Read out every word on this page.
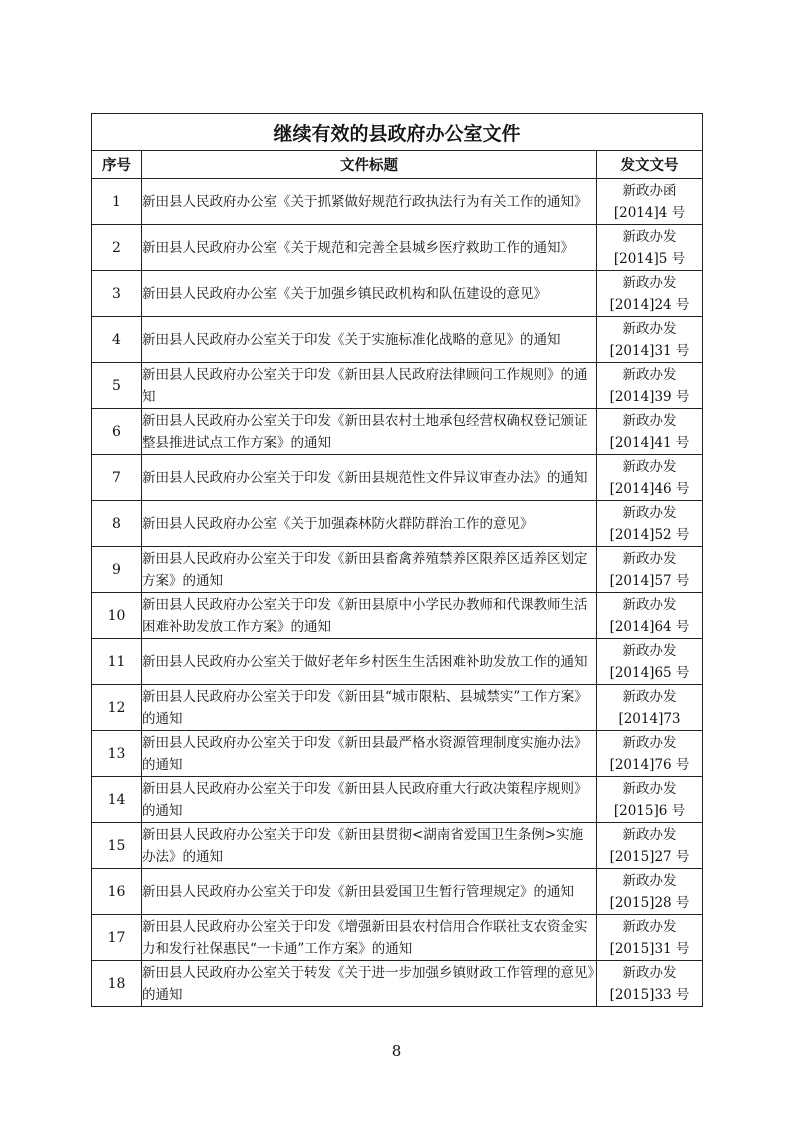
继续有效的县政府办公室文件		
序号	文件标题	发文文号
1	新田县人民政府办公室《关于抓紧做好规范行政执法行为有关工作的通知》	新政办函
[2014]4 号

2	新田县人民政府办公室《关于规范和完善全县城乡医疗救助工作的通知》	新政办发
[2014]5 号

3	新田县人民政府办公室《关于加强乡镇民政机构和队伍建设的意见》	新政办发
[2014]24 号

4	新田县人民政府办公室关于印发《关于实施标准化战略的意见》的通知	新政办发
[2014]31 号

5	新田县人民政府办公室关于印发《新田县人民政府法律顾问工作规则》的通知	新政办发
[2014]39 号

6	新田县人民政府办公室关于印发《新田县农村土地承包经营权确权登记颁证整县推进试点工作方案》的通知	新政办发
[2014]41 号

7	新田县人民政府办公室关于印发《新田县规范性文件异议审查办法》的通知	新政办发
[2014]46 号

8	新田县人民政府办公室《关于加强森林防火群防群治工作的意见》	新政办发
[2014]52 号

9	新田县人民政府办公室关于印发《新田县畜禽养殖禁养区限养区适养区划定方案》的通知	新政办发
[2014]57 号

10	新田县人民政府办公室关于印发《新田县原中小学民办教师和代课教师生活困难补助发放工作方案》的通知	新政办发
[2014]64 号

11	新田县人民政府办公室关于做好老年乡村医生生活困难补助发放工作的通知	新政办发
[2014]65 号

12	新田县人民政府办公室关于印发《新田县“城市限粘、县城禁实”工作方案》的通知	新政办发
[2014]73

13	新田县人民政府办公室关于印发《新田县最严格水资源管理制度实施办法》的通知	新政办发
[2014]76 号

14	新田县人民政府办公室关于印发《新田县人民政府重大行政决策程序规则》的通知	新政办发
[2015]6 号

15	新田县人民政府办公室关于印发《新田县贯彻<湖南省爱国卫生条例>实施办法》的通知	新政办发
[2015]27 号

16	新田县人民政府办公室关于印发《新田县爱国卫生暂行管理规定》的通知	新政办发
[2015]28 号

17	新田县人民政府办公室关于印发《增强新田县农村信用合作联社支农资金实力和发行社保惠民“一卡通”工作方案》的通知	新政办发
[2015]31 号

18	新田县人民政府办公室关于转发《关于进一步加强乡镇财政工作管理的意见》的通知	新政办发
[2015]33 号
8
